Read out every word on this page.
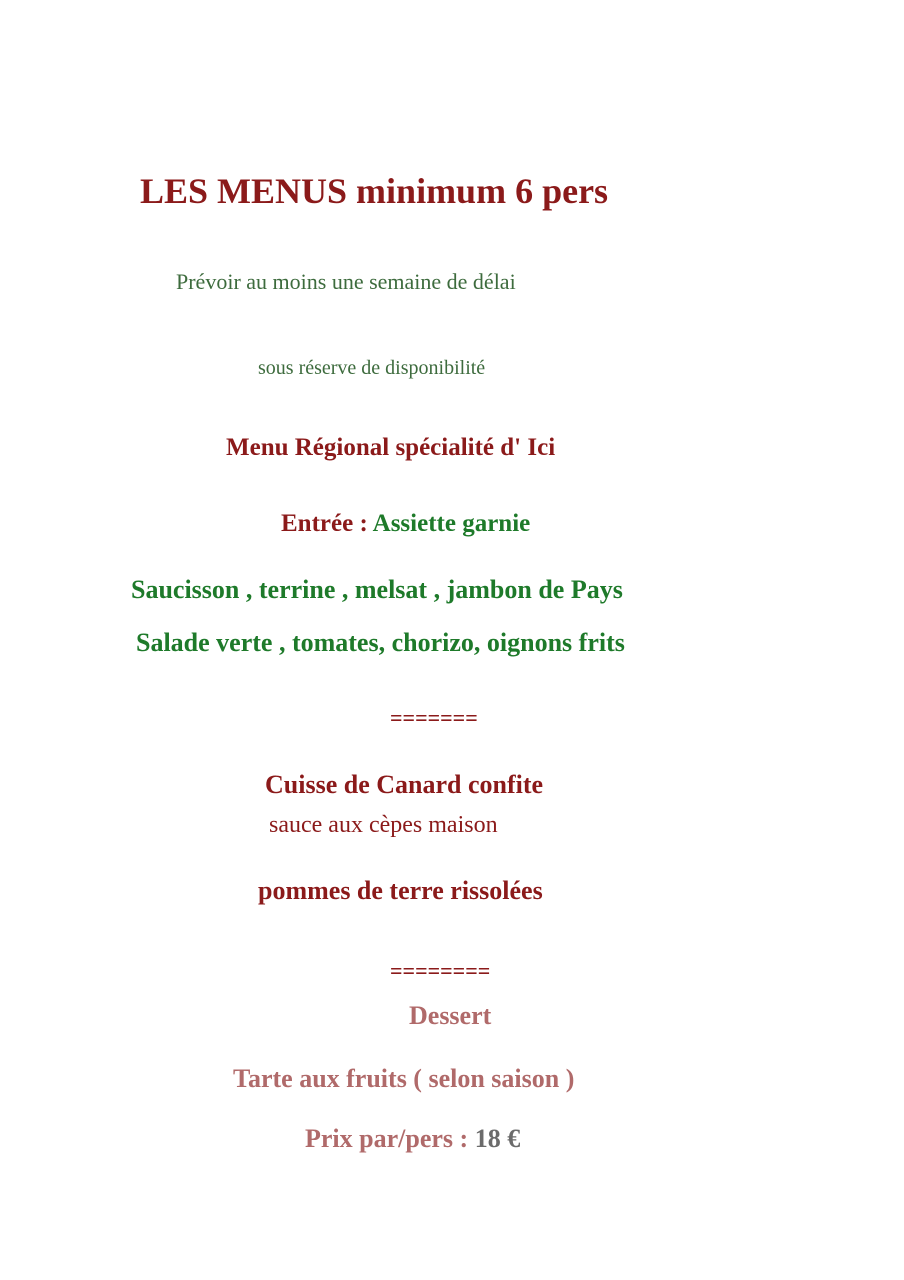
LES MENUS minimum 6 pers

Prévoir au moins une semaine de délai

sous réserve de disponibilité

Menu Régional spécialité d' Ici

Entrée : Assiette garnie

Saucisson , terrine , melsat , jambon de Pays

Salade verte , tomates, chorizo, oignons frits

=======

Cuisse de Canard confite

sauce aux cèpes maison

pommes de terre rissolées

========

Dessert

Tarte aux fruits ( selon saison )

Prix par/pers : 18 €
